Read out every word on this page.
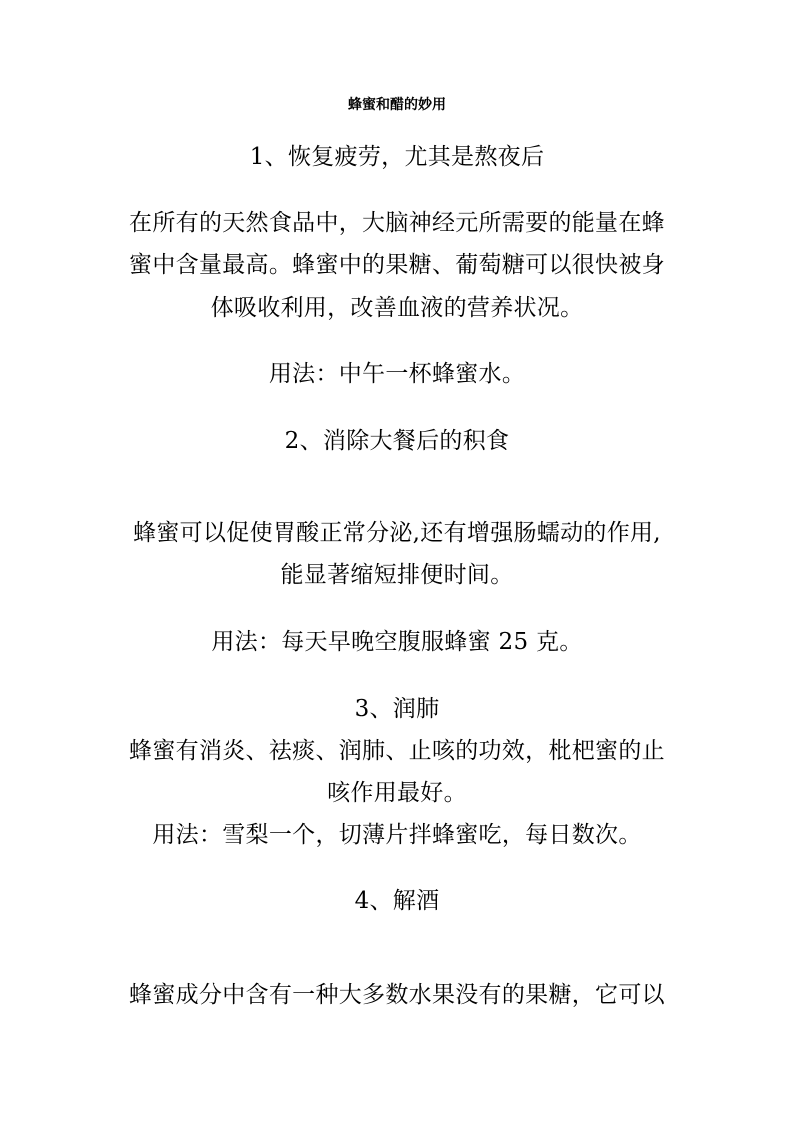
蜂蜜和醋的妙用
1、恢复疲劳，尤其是熬夜后
在所有的天然食品中，大脑神经元所需要的能量在蜂
蜜中含量最高。蜂蜜中的果糖、葡萄糖可以很快被身
体吸收利用，改善血液的营养状况。
用法：中午一杯蜂蜜水。
2、消除大餐后的积食
蜂蜜可以促使胃酸正常分泌,还有增强肠蠕动的作用,
能显著缩短排便时间。
用法：每天早晚空腹服蜂蜜 25 克。
3、润肺
蜂蜜有消炎、祛痰、润肺、止咳的功效，枇杷蜜的止
咳作用最好。
用法：雪梨一个，切薄片拌蜂蜜吃，每日数次。
4、解酒
蜂蜜成分中含有一种大多数水果没有的果糖，它可以
